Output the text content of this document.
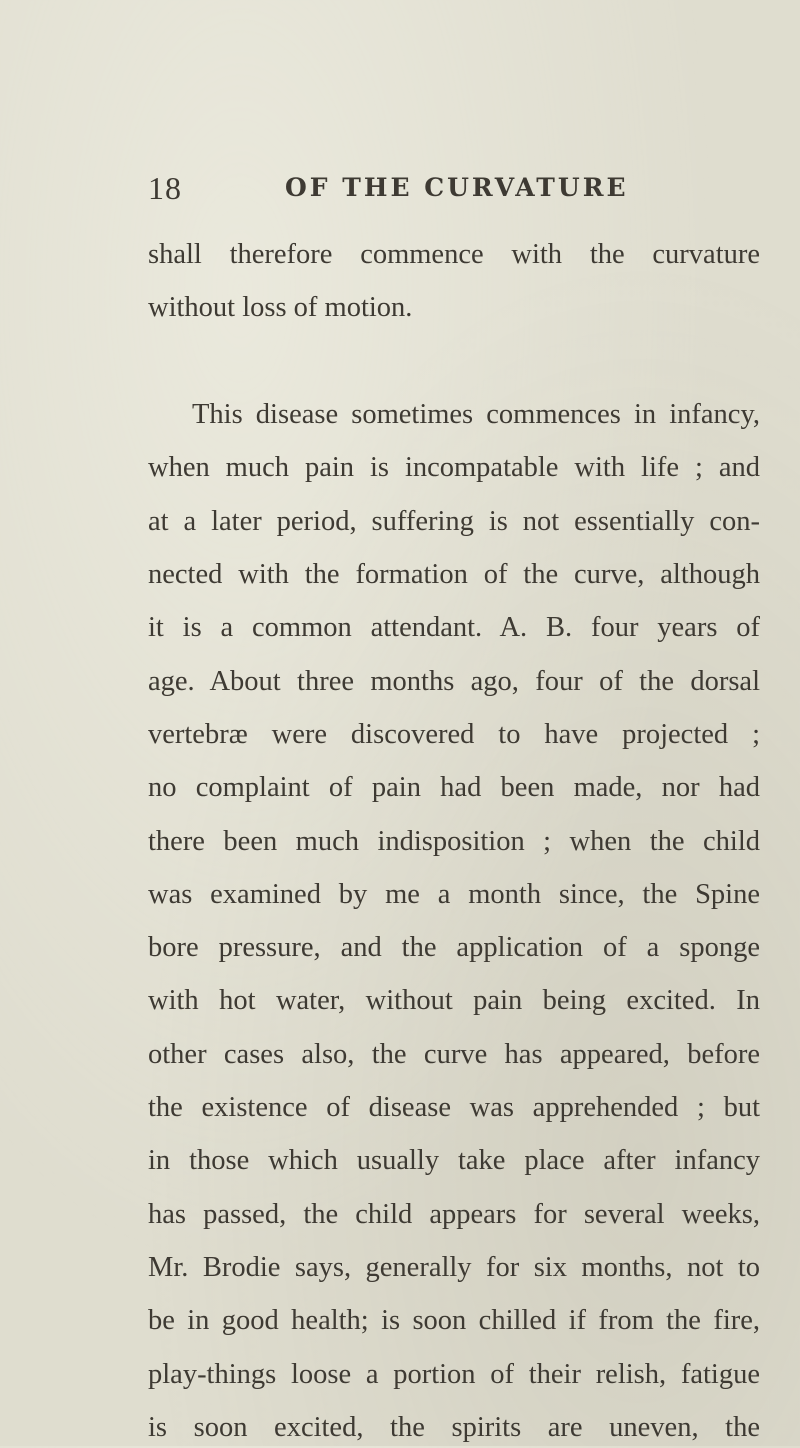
18	OF THE CURVATURE
shall therefore commence with the curvature
without loss of motion.
This disease sometimes commences in infancy,
when much pain is incompatable with life ; and
at a later period, suffering is not essentially con-
nected with the formation of the curve, although
it is a common attendant. A. B. four years of
age. About three months ago, four of the dorsal
vertebræ were discovered to have projected ;
no complaint of pain had been made, nor had
there been much indisposition ; when the child
was examined by me a month since, the Spine
bore pressure, and the application of a sponge
with hot water, without pain being excited. In
other cases also, the curve has appeared, before
the existence of disease was apprehended ; but
in those which usually take place after infancy
has passed, the child appears for several weeks,
Mr. Brodie says, generally for six months, not to
be in good health; is soon chilled if from the fire,
play-things loose a portion of their relish, fatigue
is soon excited, the spirits are uneven, the
